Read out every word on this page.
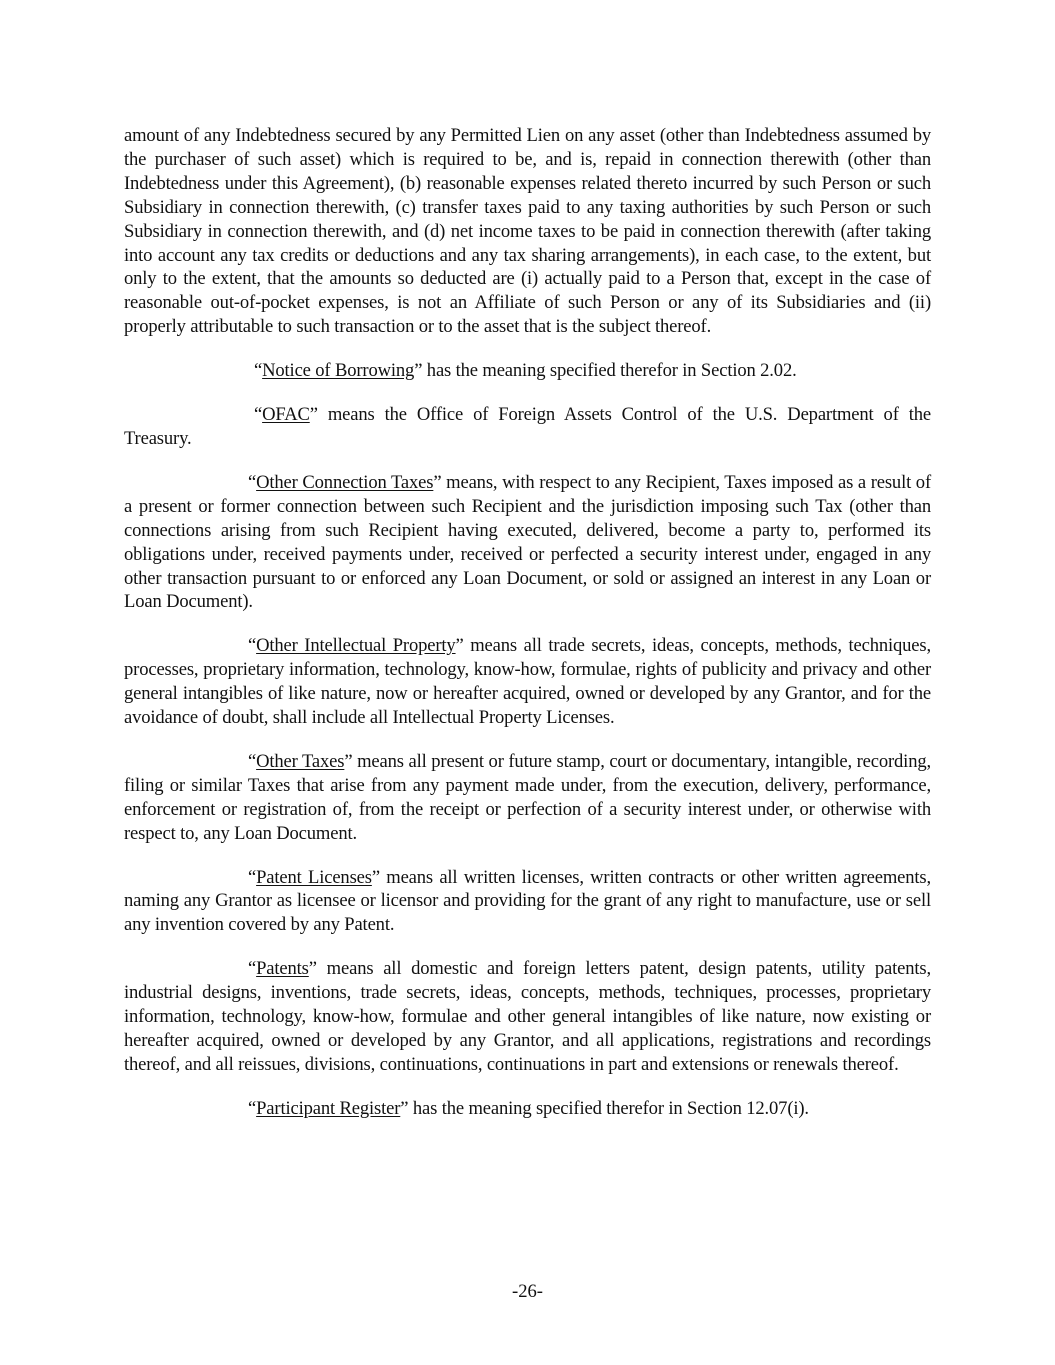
amount of any Indebtedness secured by any Permitted Lien on any asset (other than Indebtedness assumed by the purchaser of such asset) which is required to be, and is, repaid in connection therewith (other than Indebtedness under this Agreement), (b) reasonable expenses related thereto incurred by such Person or such Subsidiary in connection therewith, (c) transfer taxes paid to any taxing authorities by such Person or such Subsidiary in connection therewith, and (d) net income taxes to be paid in connection therewith (after taking into account any tax credits or deductions and any tax sharing arrangements), in each case, to the extent, but only to the extent, that the amounts so deducted are (i) actually paid to a Person that, except in the case of reasonable out-of-pocket expenses, is not an Affiliate of such Person or any of its Subsidiaries and (ii) properly attributable to such transaction or to the asset that is the subject thereof.

“Notice of Borrowing” has the meaning specified therefor in Section 2.02.

“OFAC” means the Office of Foreign Assets Control of the U.S. Department of the Treasury.

“Other Connection Taxes” means, with respect to any Recipient, Taxes imposed as a result of a present or former connection between such Recipient and the jurisdiction imposing such Tax (other than connections arising from such Recipient having executed, delivered, become a party to, performed its obligations under, received payments under, received or perfected a security interest under, engaged in any other transaction pursuant to or enforced any Loan Document, or sold or assigned an interest in any Loan or Loan Document).

“Other Intellectual Property” means all trade secrets, ideas, concepts, methods, techniques, processes, proprietary information, technology, know-how, formulae, rights of publicity and privacy and other general intangibles of like nature, now or hereafter acquired, owned or developed by any Grantor, and for the avoidance of doubt, shall include all Intellectual Property Licenses.

“Other Taxes” means all present or future stamp, court or documentary, intangible, recording, filing or similar Taxes that arise from any payment made under, from the execution, delivery, performance, enforcement or registration of, from the receipt or perfection of a security interest under, or otherwise with respect to, any Loan Document.

“Patent Licenses” means all written licenses, written contracts or other written agreements, naming any Grantor as licensee or licensor and providing for the grant of any right to manufacture, use or sell any invention covered by any Patent.

“Patents” means all domestic and foreign letters patent, design patents, utility patents, industrial designs, inventions, trade secrets, ideas, concepts, methods, techniques, processes, proprietary information, technology, know-how, formulae and other general intangibles of like nature, now existing or hereafter acquired, owned or developed by any Grantor, and all applications, registrations and recordings thereof, and all reissues, divisions, continuations, continuations in part and extensions or renewals thereof.

“Participant Register” has the meaning specified therefor in Section 12.07(i).

-26-
